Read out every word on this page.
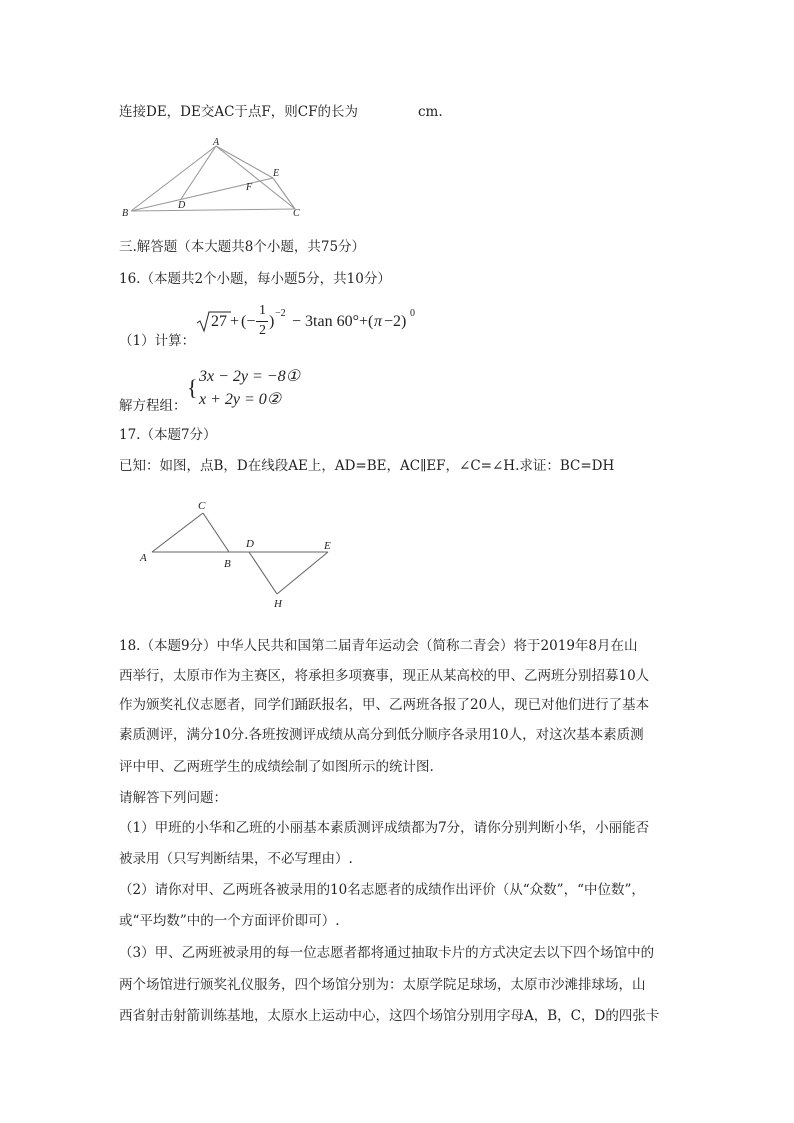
连接DE，DE交AC于点F，则CF的长为	cm.
A
B	C
D
E
F
三.解答题（本大题共8个小题，共75分）
16.（本题共2个小题，每小题5分，共10分）
27 + (−
1
2
) −2 − 3tan 60°+( π −2) 0
（1）计算：
{ 3x − 2y = −8①
x + 2y = 0②
解方程组：
17.（本题7分）
已知：如图，点B，D在线段AE上，AD=BE，AC∥EF，∠C=∠H.求证：BC=DH
A	B
C
D	E
H
18.（本题9分）中华人民共和国第二届青年运动会（简称二青会）将于2019年8月在山
西举行，太原市作为主赛区，将承担多项赛事，现正从某高校的甲、乙两班分别招募10人
作为颁奖礼仪志愿者，同学们踊跃报名，甲、乙两班各报了20人，现已对他们进行了基本
素质测评，满分10分.各班按测评成绩从高分到低分顺序各录用10人，对这次基本素质测
评中甲、乙两班学生的成绩绘制了如图所示的统计图.
请解答下列问题：
（1）甲班的小华和乙班的小丽基本素质测评成绩都为7分，请你分别判断小华，小丽能否
被录用（只写判断结果，不必写理由）.
（2）请你对甲、乙两班各被录用的10名志愿者的成绩作出评价（从“众数”，“中位数”，
或“平均数”中的一个方面评价即可）.
（3）甲、乙两班被录用的每一位志愿者都将通过抽取卡片的方式决定去以下四个场馆中的
两个场馆进行颁奖礼仪服务，四个场馆分别为：太原学院足球场，太原市沙滩排球场，山
西省射击射箭训练基地，太原水上运动中心，这四个场馆分别用字母A，B，C，D的四张卡
